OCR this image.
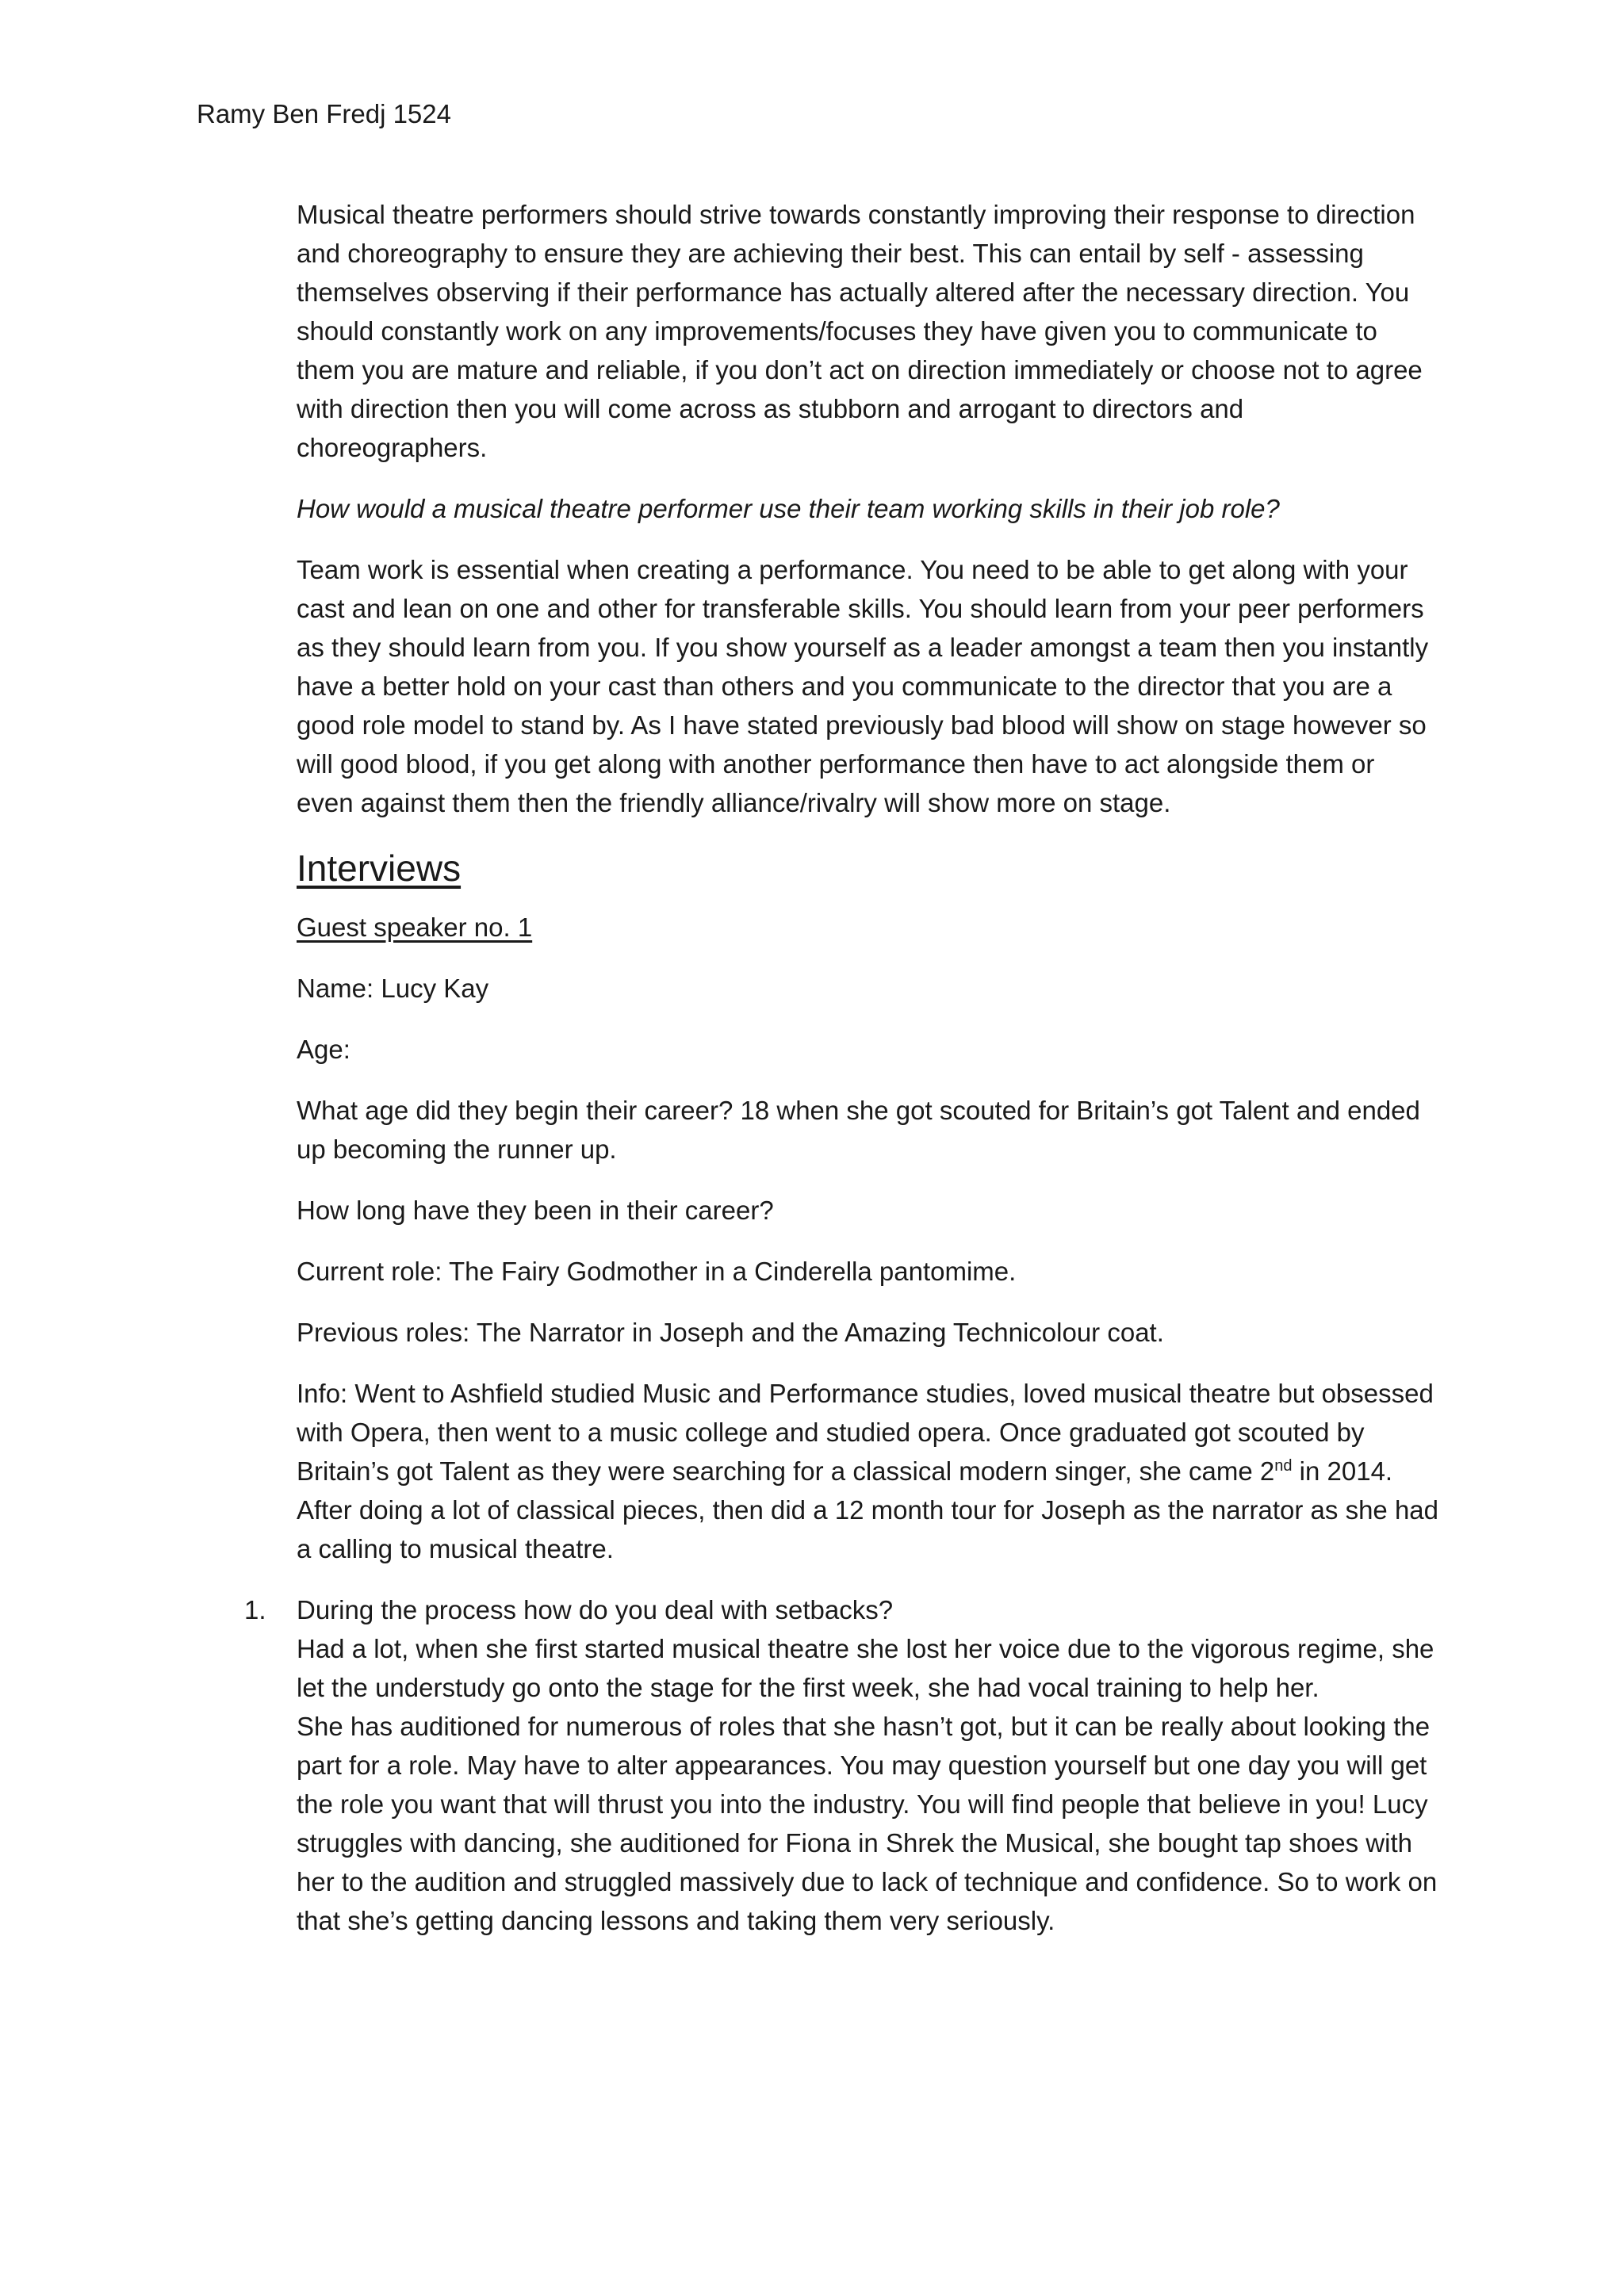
Ramy Ben Fredj 1524

Musical theatre performers should strive towards constantly improving their response to direction and choreography to ensure they are achieving their best. This can entail by self - assessing themselves observing if their performance has actually altered after the necessary direction. You should constantly work on any improvements/focuses they have given you to communicate to them you are mature and reliable, if you don’t act on direction immediately or choose not to agree with direction then you will come across as stubborn and arrogant to directors and choreographers.

How would a musical theatre performer use their team working skills in their job role?

Team work is essential when creating a performance. You need to be able to get along with your cast and lean on one and other for transferable skills. You should learn from your peer performers as they should learn from you. If you show yourself as a leader amongst a team then you instantly have a better hold on your cast than others and you communicate to the director that you are a good role model to stand by. As I have stated previously bad blood will show on stage however so will good blood, if you get along with another performance then have to act alongside them or even against them then the friendly alliance/rivalry will show more on stage.

Interviews

Guest speaker no. 1

Name: Lucy Kay

Age:

What age did they begin their career? 18 when she got scouted for Britain’s got Talent and ended up becoming the runner up.

How long have they been in their career?

Current role: The Fairy Godmother in a Cinderella pantomime.

Previous roles: The Narrator in Joseph and the Amazing Technicolour coat.

Info: Went to Ashfield studied Music and Performance studies, loved musical theatre but obsessed with Opera, then went to a music college and studied opera. Once graduated got scouted by Britain’s got Talent as they were searching for a classical modern singer, she came 2nd in 2014. After doing a lot of classical pieces, then did a 12 month tour for Joseph as the narrator as she had a calling to musical theatre.

1. During the process how do you deal with setbacks?

Had a lot, when she first started musical theatre she lost her voice due to the vigorous regime, she let the understudy go onto the stage for the first week, she had vocal training to help her.

She has auditioned for numerous of roles that she hasn’t got, but it can be really about looking the part for a role. May have to alter appearances. You may question yourself but one day you will get the role you want that will thrust you into the industry. You will find people that believe in you! Lucy struggles with dancing, she auditioned for Fiona in Shrek the Musical, she bought tap shoes with her to the audition and struggled massively due to lack of technique and confidence. So to work on that she’s getting dancing lessons and taking them very seriously.
